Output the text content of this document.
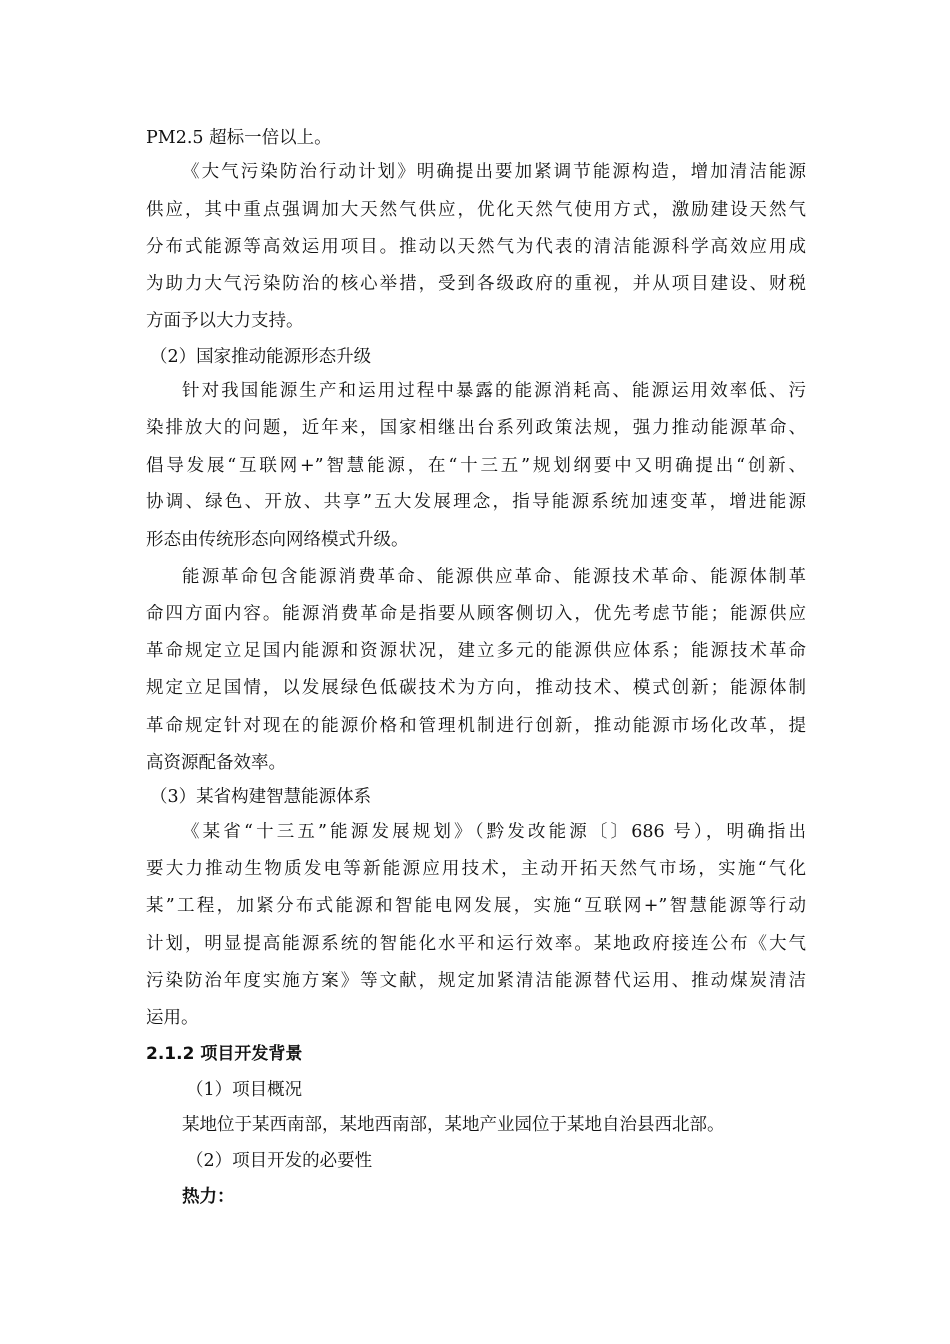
PM2.5 超标一倍以上。
《大气污染防治行动计划》明确提出要加紧调节能源构造，增加清洁能源
供应，其中重点强调加大天然气供应，优化天然气使用方式，激励建设天然气
分布式能源等高效运用项目。推动以天然气为代表的清洁能源科学高效应用成
为助力大气污染防治的核心举措，受到各级政府的重视，并从项目建设、财税
方面予以大力支持。
（2）国家推动能源形态升级
针对我国能源生产和运用过程中暴露的能源消耗高、能源运用效率低、污
染排放大的问题，近年来，国家相继出台系列政策法规，强力推动能源革命、
倡导发展“互联网+”智慧能源，在“十三五”规划纲要中又明确提出“创新、
协调、绿色、开放、共享”五大发展理念，指导能源系统加速变革，增进能源
形态由传统形态向网络模式升级。
能源革命包含能源消费革命、能源供应革命、能源技术革命、能源体制革
命四方面内容。能源消费革命是指要从顾客侧切入，优先考虑节能；能源供应
革命规定立足国内能源和资源状况，建立多元的能源供应体系；能源技术革命
规定立足国情，以发展绿色低碳技术为方向，推动技术、模式创新；能源体制
革命规定针对现在的能源价格和管理机制进行创新，推动能源市场化改革，提
高资源配备效率。
（3）某省构建智慧能源体系
《某省“十三五”能源发展规划》（黔发改能源〔〕686 号），明确指出
要大力推动生物质发电等新能源应用技术，主动开拓天然气市场，实施“气化
某”工程，加紧分布式能源和智能电网发展，实施“互联网+”智慧能源等行动
计划，明显提高能源系统的智能化水平和运行效率。某地政府接连公布《大气
污染防治年度实施方案》等文献，规定加紧清洁能源替代运用、推动煤炭清洁
运用。
2.1.2 项目开发背景
（1）项目概况
某地位于某西南部，某地西南部，某地产业园位于某地自治县西北部。
（2）项目开发的必要性
热力：
